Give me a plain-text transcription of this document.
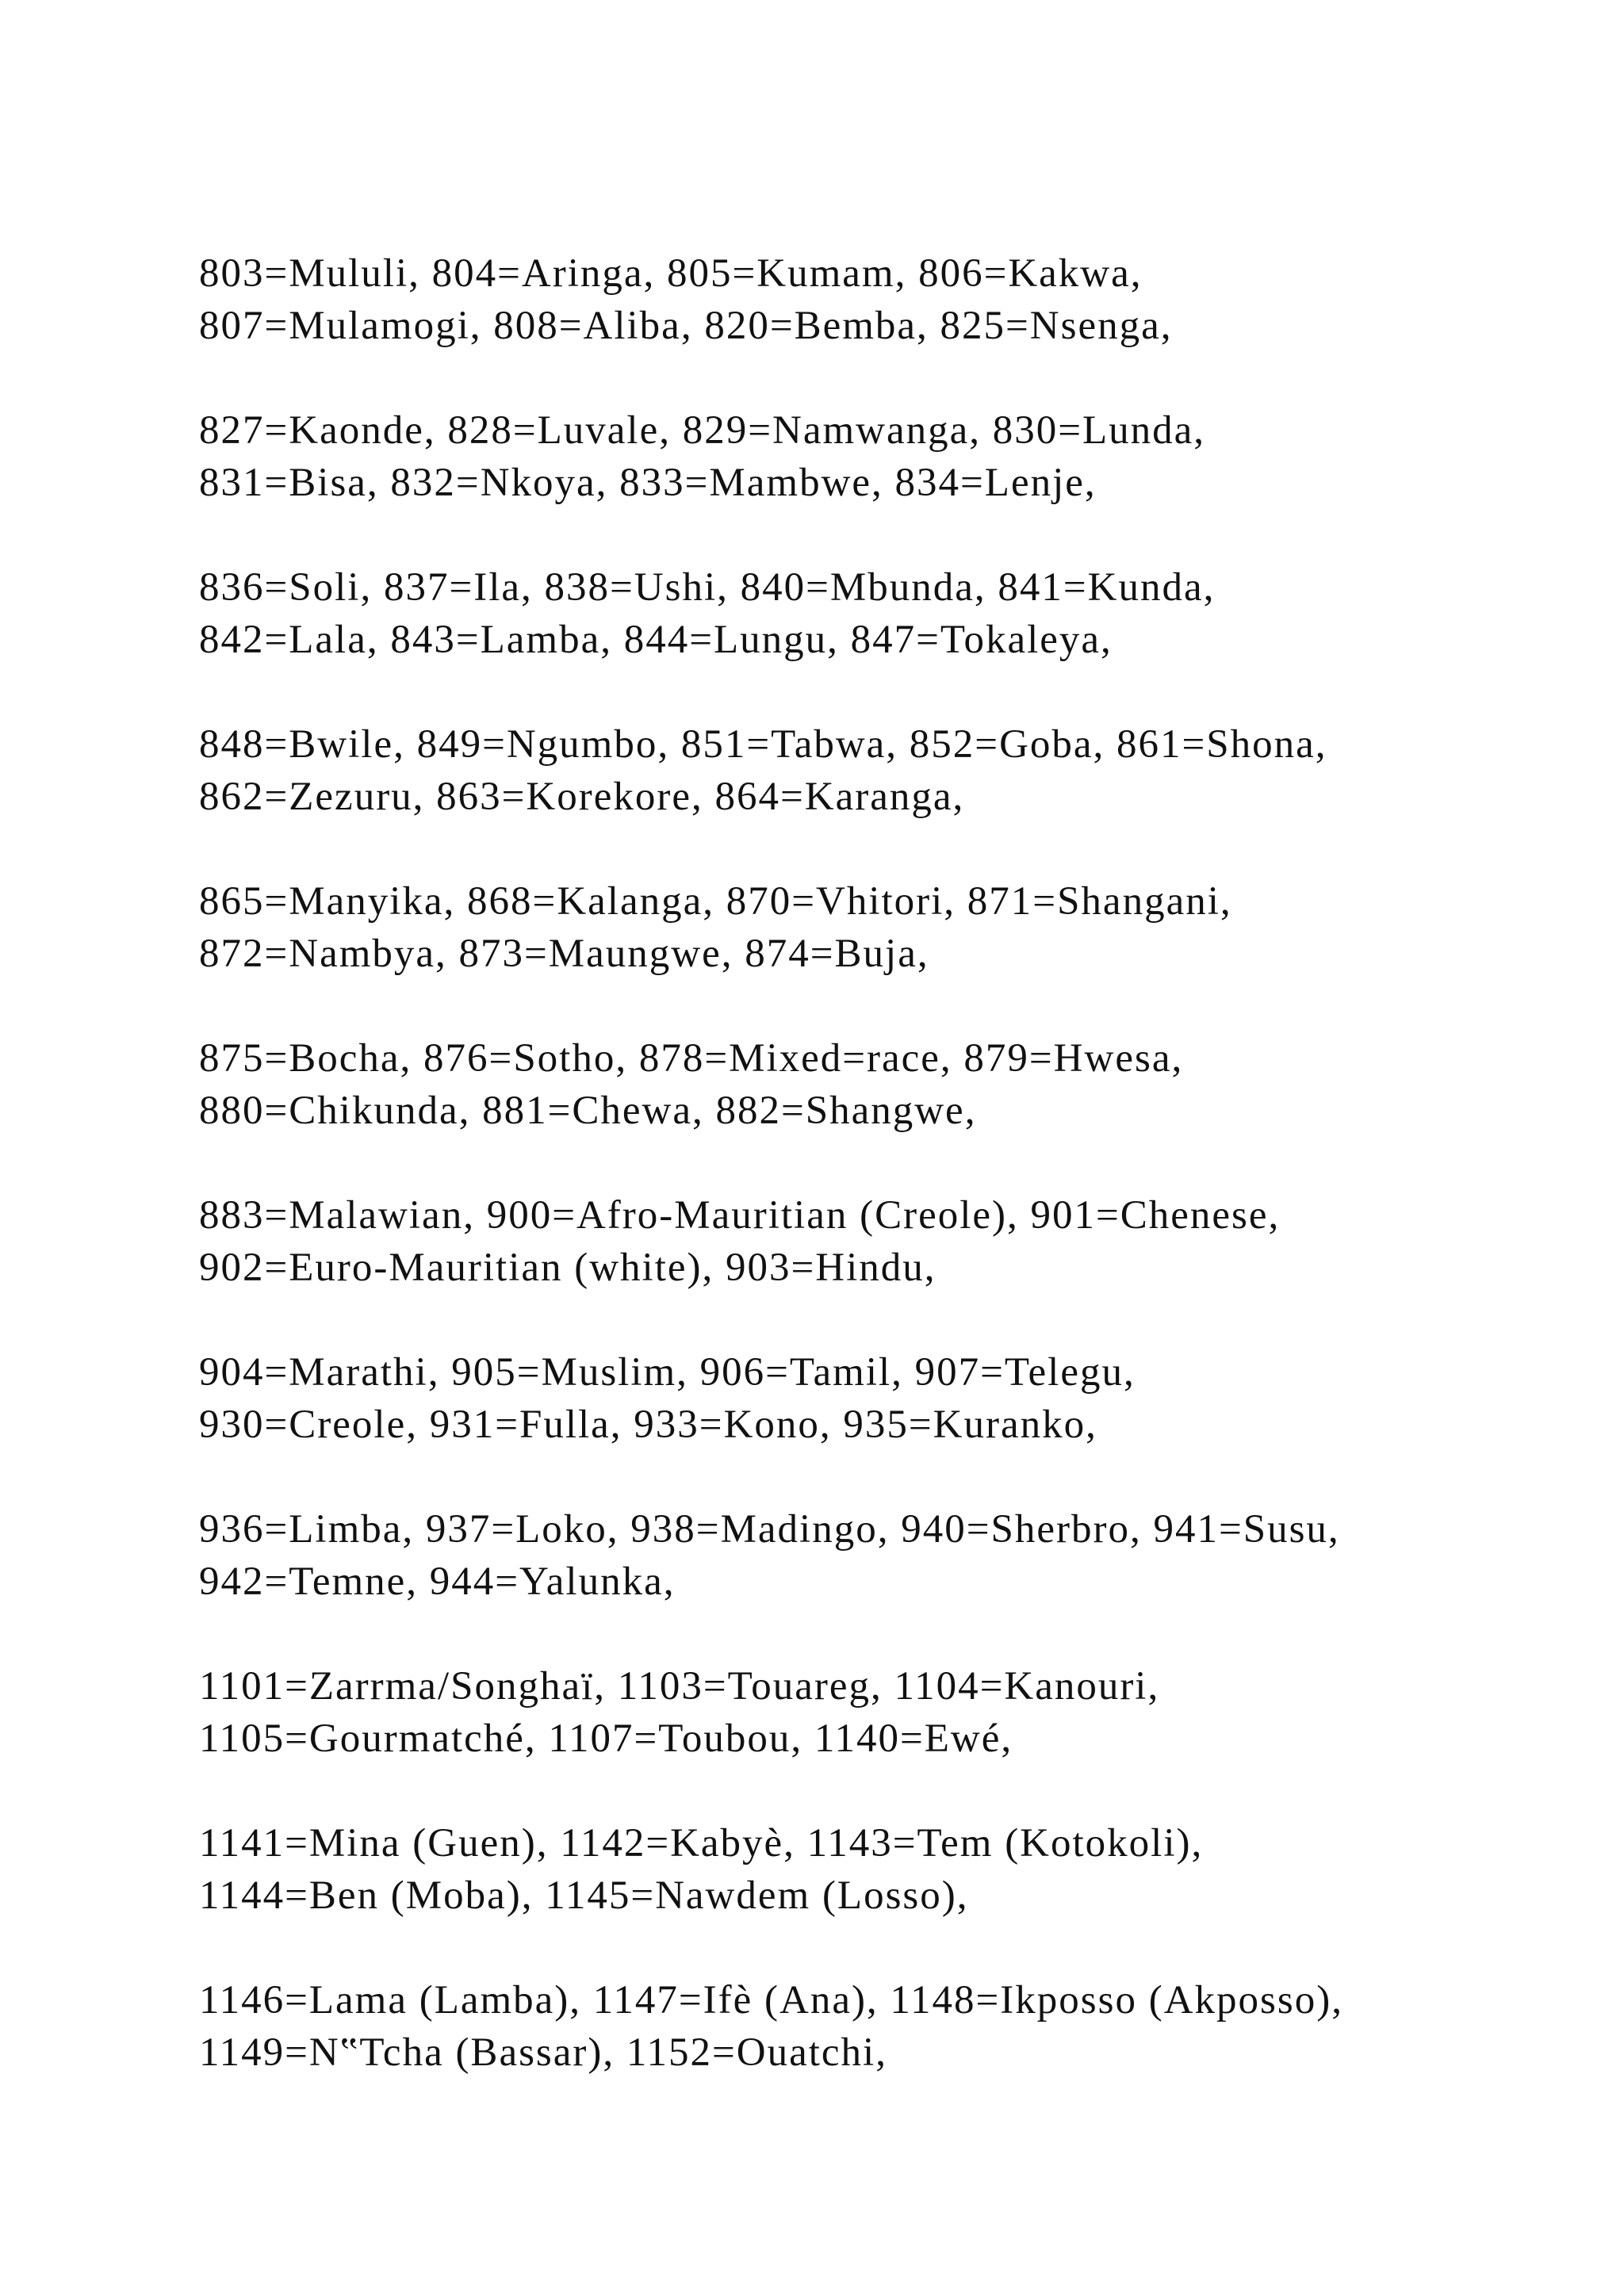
803=Mululi, 804=Aringa, 805=Kumam, 806=Kakwa,
807=Mulamogi, 808=Aliba, 820=Bemba, 825=Nsenga,
827=Kaonde, 828=Luvale, 829=Namwanga, 830=Lunda,
831=Bisa, 832=Nkoya, 833=Mambwe, 834=Lenje,
836=Soli, 837=Ila, 838=Ushi, 840=Mbunda, 841=Kunda,
842=Lala, 843=Lamba, 844=Lungu, 847=Tokaleya,
848=Bwile, 849=Ngumbo, 851=Tabwa, 852=Goba, 861=Shona,
862=Zezuru, 863=Korekore, 864=Karanga,
865=Manyika, 868=Kalanga, 870=Vhitori, 871=Shangani,
872=Nambya, 873=Maungwe, 874=Buja,
875=Bocha, 876=Sotho, 878=Mixed=race, 879=Hwesa,
880=Chikunda, 881=Chewa, 882=Shangwe,
883=Malawian, 900=Afro-Mauritian (Creole), 901=Chenese,
902=Euro-Mauritian (white), 903=Hindu,
904=Marathi, 905=Muslim, 906=Tamil, 907=Telegu,
930=Creole, 931=Fulla, 933=Kono, 935=Kuranko,
936=Limba, 937=Loko, 938=Madingo, 940=Sherbro, 941=Susu,
942=Temne, 944=Yalunka,
1101=Zarrma/Songhaï, 1103=Touareg, 1104=Kanouri,
1105=Gourmatché, 1107=Toubou, 1140=Ewé,
1141=Mina (Guen), 1142=Kabyè, 1143=Tem (Kotokoli),
1144=Ben (Moba), 1145=Nawdem (Losso),
1146=Lama (Lamba), 1147=Ifè (Ana), 1148=Ikposso (Akposso),
1149=N‟Tcha (Bassar), 1152=Ouatchi,
